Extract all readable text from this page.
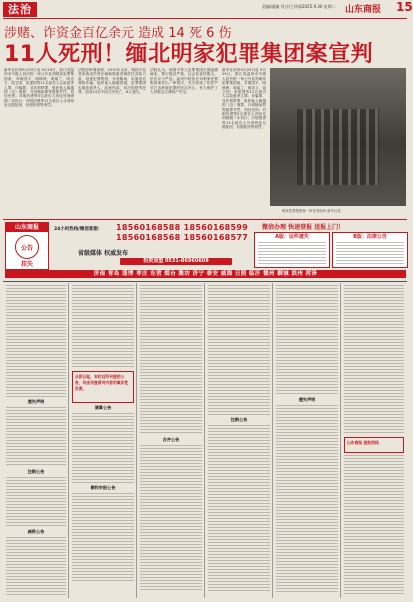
法治	责编/副编 设计/王审阅 2025.9.30 星期二 山东商报	15
涉赌、诈资金百亿余元 造成 14 死 6 伤
11人死刑！缅北明家犯罪集团案宣判
新华社杭州9月29日电 9月29日，浙江省温州市中级人民法院一审公开宣判明家犯罪集团案，对明国平、明珍珍、明菊兰、明忠义、周卫国、宋建国等11名被告人以故意杀人罪、诈骗罪、非法拘禁罪、组织他人偷越国（边）境罪、开设赌场罪等数罪并罚，判处死刑；对明有勇等5名被告人判处死刑缓期二年执行；对明国勇等11名被告人分别判处无期徒刑、有期徒刑等刑罚。
法院经审理查明，2015年以来，明国平及其家族成员等在缅甸果敢老街依托武装力量，组建犯罪集团，开设赌场，实施电信网络诈骗，组织他人偷越国境，犯罪集团实施故意杀人、故意伤害、非法拘禁等犯罪，造成14名中国公民死亡、6人受伤。
法院认为，明国平等人犯罪集团长期盘踞缅北，罪行极其严重，社会危害性极大，依法应当严惩。温州中院依法对明家犯罪集团案作出一审判决，充分体现了依法严厉打击跨境犯罪的坚定决心，有力维护了人民群众生命财产安全。
新华社杭州9月29日电 9月29日，浙江省温州市中级人民法院一审公开宣判明家犯罪集团案，对明国平、明珍珍、明菊兰、明忠义、周卫国、宋建国等11名被告人以故意杀人罪、诈骗罪、非法拘禁罪、组织他人偷越国（边）境罪、开设赌场罪等数罪并罚，判处死刑；对明有勇等5名被告人判处死刑缓期二年执行；对明国勇等11名被告人分别判处无期徒刑、有期徒刑等刑罚。
明家犯罪集团案一审宣判现场 新华社发
山东商报
公告
挂失
24小时热线/微信客服： 18560168588 18560168599
18560168568 18560168577
省级媒体 权威发布
投资加盟 0531-86960609
微信办理 快速登报 送报上门！
A版：证件遗失	B版：法律公告
济南 青岛 淄博 枣庄 东营 烟台 潍坊 济宁 泰安 威海 日照 临沂 德州 聊城 滨州 菏泽
遗失声明
注销公告
减资公告
从即日起，本栏目所刊登的公告，均由刊登者对内容的真实性负责。
清算公告
债权申报公告
合并公告
注销公告
遗失声明
山东商报 登报热线
